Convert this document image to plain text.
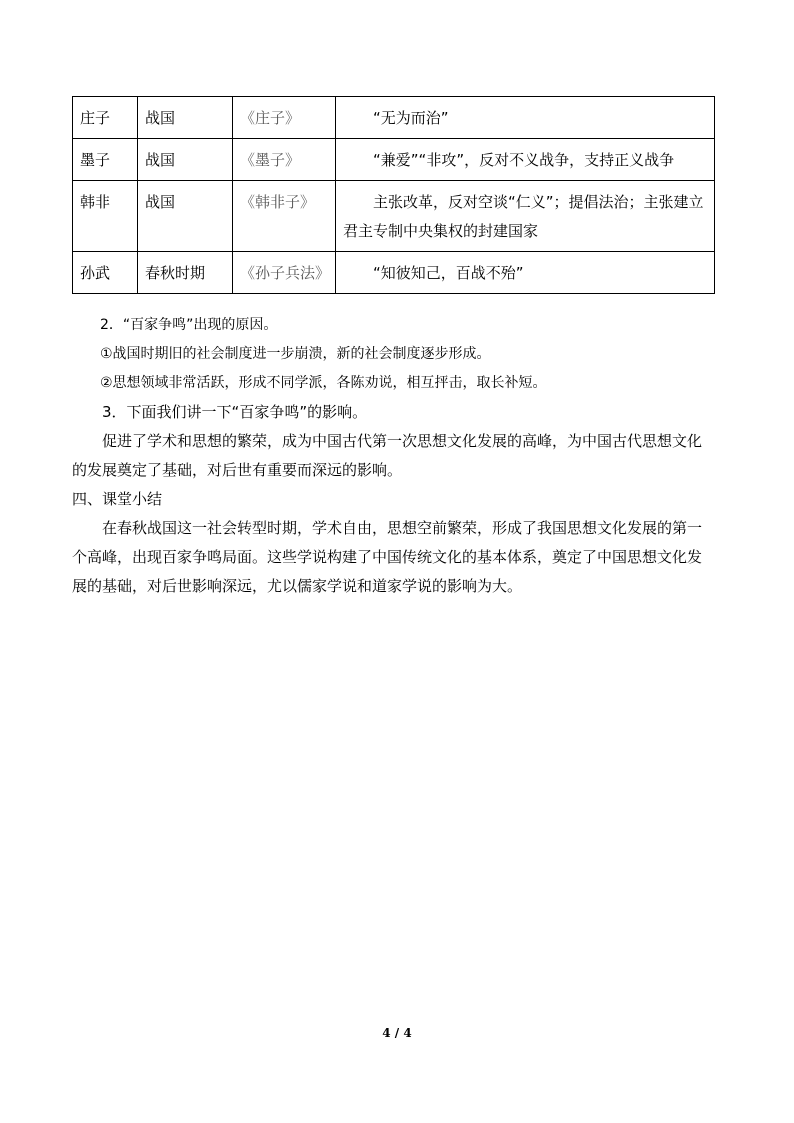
庄子	战国	《庄子》	“无为而治”
墨子	战国	《墨子》	“兼爱”“非攻”，反对不义战争，支持正义战争
韩非	战国	《韩非子》	主张改革，反对空谈“仁义”；提倡法治；主张建立君主专制中央集权的封建国家
孙武	春秋时期	《孙子兵法》	“知彼知己，百战不殆”

2．“百家争鸣”出现的原因。

①战国时期旧的社会制度进一步崩溃，新的社会制度逐步形成。

②思想领域非常活跃，形成不同学派，各陈劝说，相互抨击，取长补短。

3．下面我们讲一下“百家争鸣”的影响。

促进了学术和思想的繁荣，成为中国古代第一次思想文化发展的高峰，为中国古代思想文化的发展奠定了基础，对后世有重要而深远的影响。

四、课堂小结

在春秋战国这一社会转型时期，学术自由，思想空前繁荣，形成了我国思想文化发展的第一个高峰，出现百家争鸣局面。这些学说构建了中国传统文化的基本体系，奠定了中国思想文化发展的基础，对后世影响深远，尤以儒家学说和道家学说的影响为大。

4 / 4
